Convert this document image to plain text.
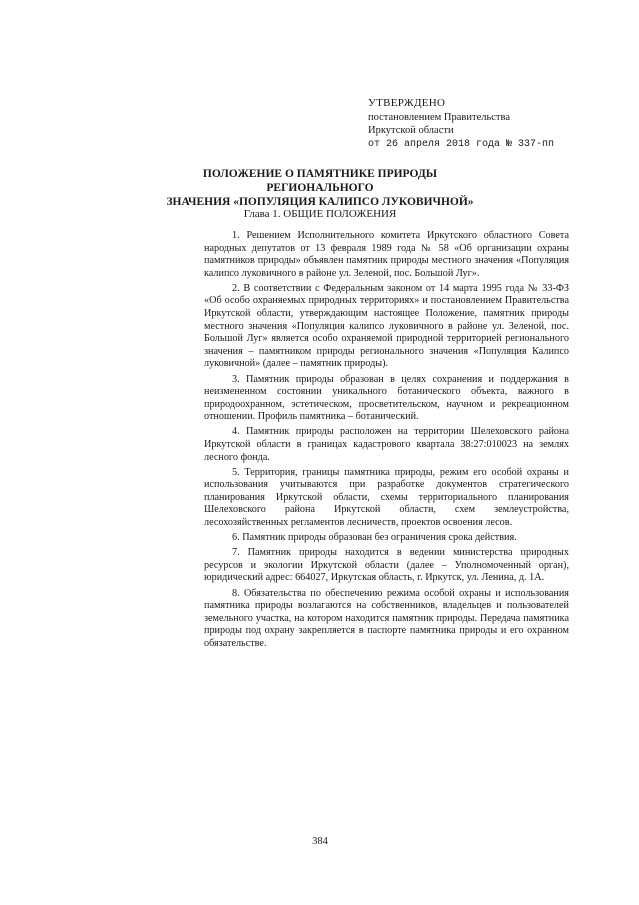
УТВЕРЖДЕНО
постановлением Правительства
Иркутской области
от 26 апреля 2018 года № 337-пп
ПОЛОЖЕНИЕ О ПАМЯТНИКЕ ПРИРОДЫ РЕГИОНАЛЬНОГО
ЗНАЧЕНИЯ «ПОПУЛЯЦИЯ КАЛИПСО ЛУКОВИЧНОЙ»
Глава 1. ОБЩИЕ ПОЛОЖЕНИЯ

1. Решением Исполнительного комитета Иркутского областного Совета народных депутатов от 13 февраля 1989 года № 58 «Об организации охраны памятников природы» объявлен памятник природы местного значения «Популяция калипсо луковичного в районе ул. Зеленой, пос. Большой Луг».

2. В соответствии с Федеральным законом от 14 марта 1995 года № 33-ФЗ «Об особо охраняемых природных территориях» и постановлением Правительства Иркутской области, утверждающим настоящее Положение, памятник природы местного значения «Популяция калипсо луковичного в районе ул. Зеленой, пос. Большой Луг» является особо охраняемой природной территорией регионального значения – памятником природы регионального значения «Популяция Калипсо луковичной» (далее – памятник природы).

3. Памятник природы образован в целях сохранения и поддержания в неизмененном состоянии уникального ботанического объекта, важного в природоохранном, эстетическом, просветительском, научном и рекреационном отношении. Профиль памятника – ботанический.

4. Памятник природы расположен на территории Шелеховского района Иркутской области в границах кадастрового квартала 38:27:010023 на землях лесного фонда.

5. Территория, границы памятника природы, режим его особой охраны и использования учитываются при разработке документов стратегического планирования Иркутской области, схемы территориального планирования Шелеховского района Иркутской области, схем землеустройства, лесохозяйственных регламентов лесничеств, проектов освоения лесов.

6. Памятник природы образован без ограничения срока действия.

7. Памятник природы находится в ведении министерства природных ресурсов и экологии Иркутской области (далее – Уполномоченный орган), юридический адрес: 664027, Иркутская область, г. Иркутск, ул. Ленина, д. 1А.

8. Обязательства по обеспечению режима особой охраны и использования памятника природы возлагаются на собственников, владельцев и пользователей земельного участка, на котором находится памятник природы. Передача памятника природы под охрану закрепляется в паспорте памятника природы и его охранном обязательстве.

384
